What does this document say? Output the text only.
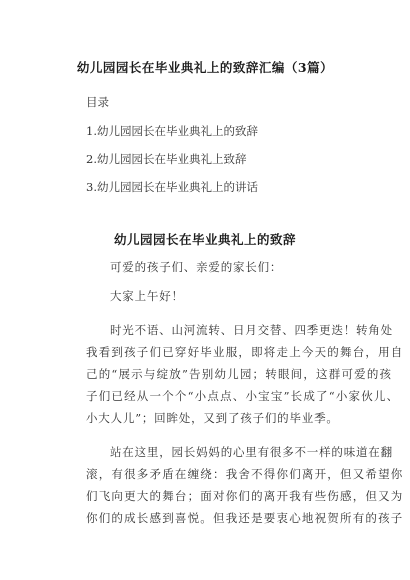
幼儿园园长在毕业典礼上的致辞汇编（3篇）
目录
1.幼儿园园长在毕业典礼上的致辞
2.幼儿园园长在毕业典礼上致辞
3.幼儿园园长在毕业典礼上的讲话
幼儿园园长在毕业典礼上的致辞
可爱的孩子们、亲爱的家长们：
大家上午好！
时光不语、山河流转、日月交替、四季更迭！转角处
我看到孩子们已穿好毕业服，即将走上今天的舞台，用自
己的“展示与绽放”告别幼儿园；转眼间，这群可爱的孩
子们已经从一个个“小点点、小宝宝”长成了“小家伙儿、
小大人儿”；回眸处，又到了孩子们的毕业季。
站在这里，园长妈妈的心里有很多不一样的味道在翻
滚，有很多矛盾在缠绕：我舍不得你们离开，但又希望你
们飞向更大的舞台；面对你们的离开我有些伤感，但又为
你们的成长感到喜悦。但我还是要衷心地祝贺所有的孩子
